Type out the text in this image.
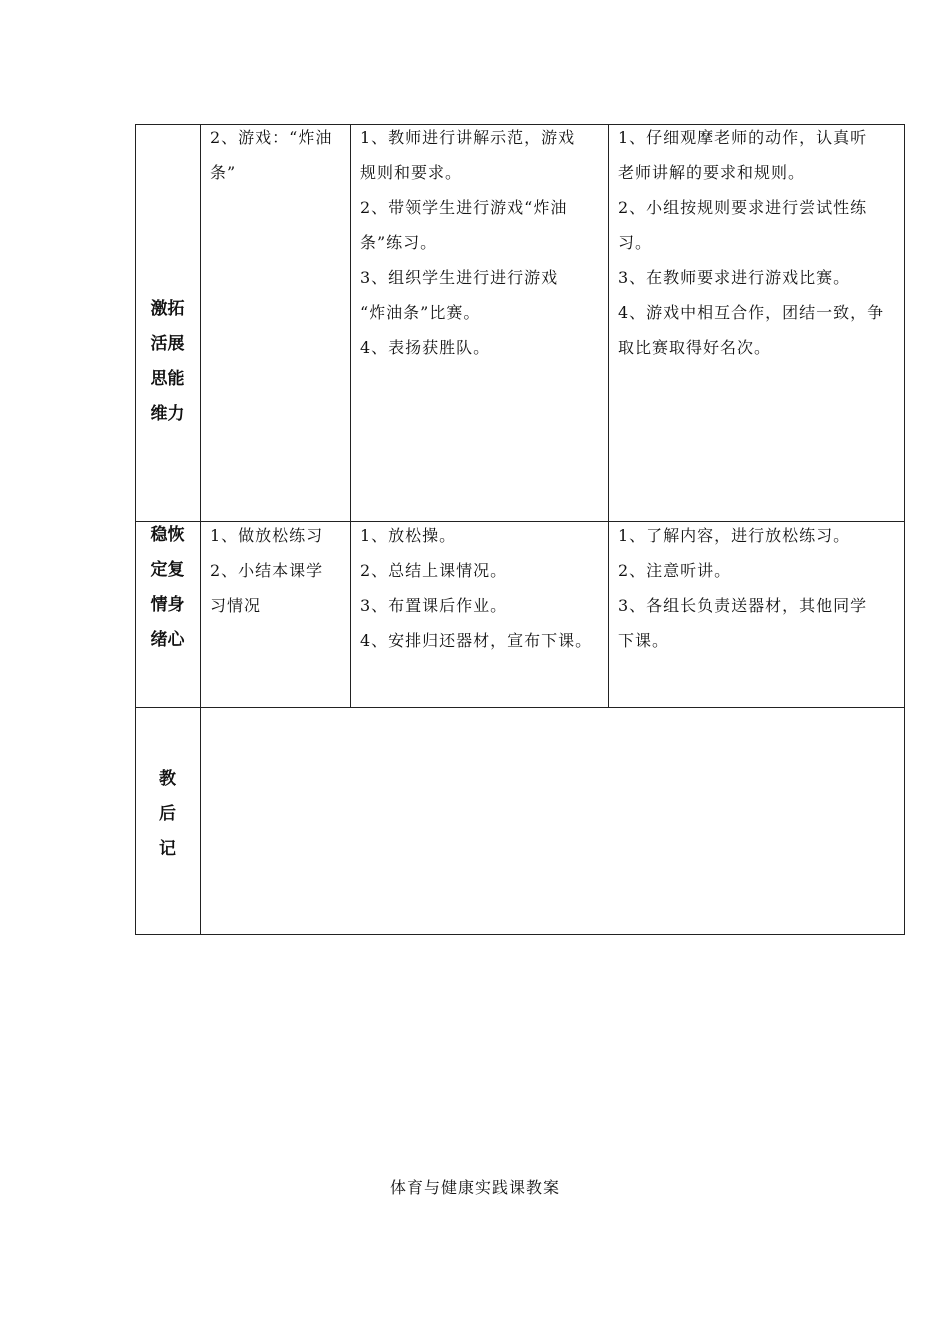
激拓

活展

思能

维力

2、游戏：“炸油

条”

1、教师进行讲解示范，游戏

规则和要求。

2、带领学生进行游戏“炸油

条”练习。

3、组织学生进行进行游戏

“炸油条”比赛。

4、表扬获胜队。

1、仔细观摩老师的动作，认真听

老师讲解的要求和规则。

2、小组按规则要求进行尝试性练

习。

3、在教师要求进行游戏比赛。

4、游戏中相互合作，团结一致，争

取比赛取得好名次。

稳恢

定复

情身

绪心

1、做放松练习

2、小结本课学

习情况

1、放松操。

2、总结上课情况。

3、布置课后作业。

4、安排归还器材，宣布下课。

1、了解内容，进行放松练习。

2、注意听讲。

3、各组长负责送器材，其他同学

下课。

教

后

记

体育与健康实践课教案
